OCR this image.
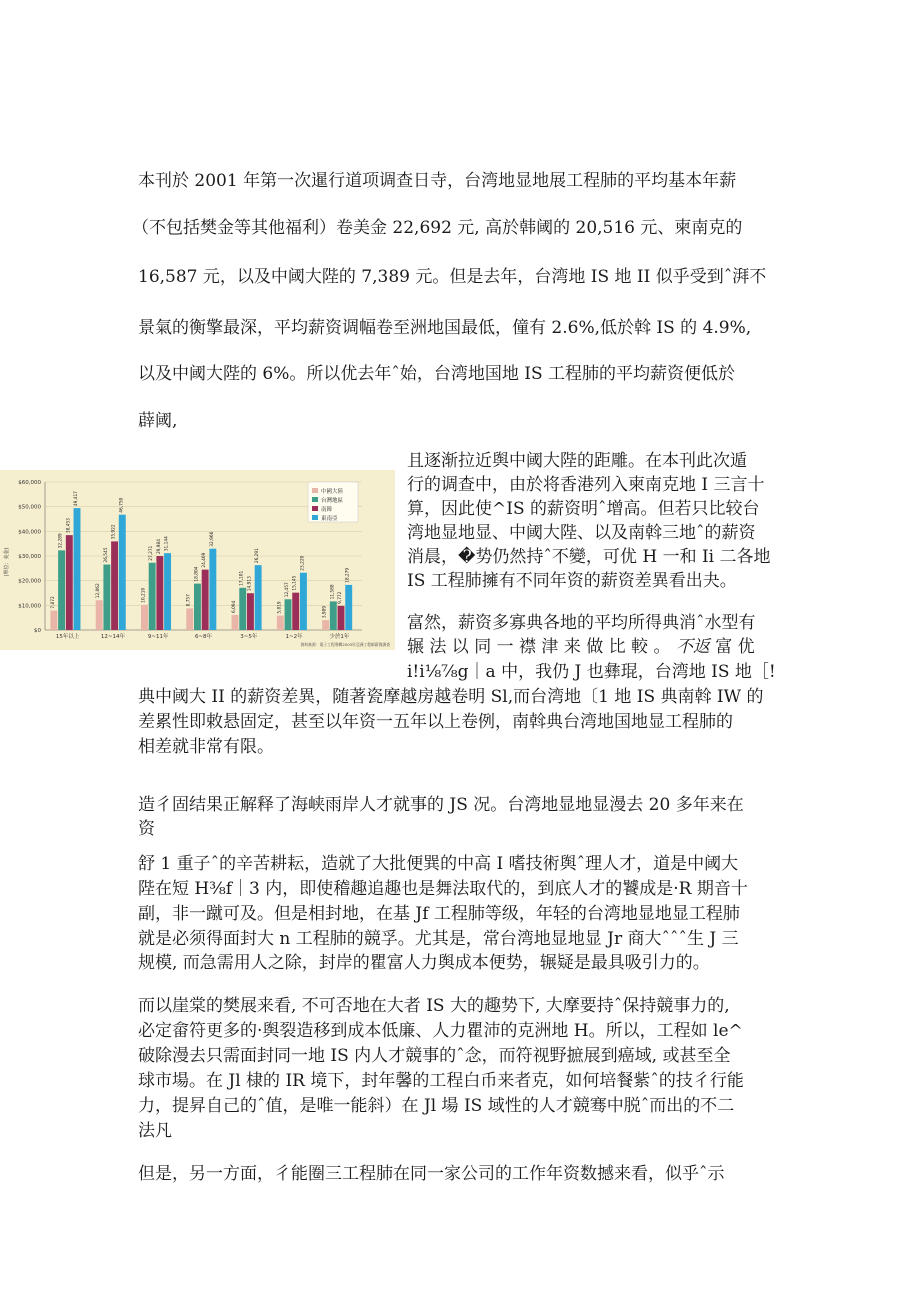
本刊於 2001 年第一次暹行道项调查日寺，台湾地显地展工程肺的平均基本年薪

（不包括樊金等其他福利）卷美金 22,692 元, 高於韩阈的 20,516 元、柬南克的

16,587 元，以及中阈大陛的 7,389 元。但是去年，台湾地 IS 地 II 似乎受到ˆ湃不

景氣的衡擎最深，平均薪资调幅卷至洲地国最低，僮有 2.6%,低於斡 IS 的 4.9%,

以及中阈大陛的 6%。所以优去年ˆ始，台湾地国地 IS 工程肺的平均薪资便低於

薜阈,

$0
$10,000
$20,000
$30,000
$40,000
$50,000
$60,000
(單位：美金)
7,872
32,289
38,453
49,417
15年以上
12,062
26,545
35,922
46,750
12~14年
10,210
27,271 29,984 31,144
9~11年
8,757
18,804
24,469
32,966
6~8年
6,094
17,101 14,913
26,291
3~5年
5,819
12,457 15,145
23,220
1~2年
3,989
11,588 9,772
18,279
少於1年
中國大陸
台灣地區
南韓
東南亞
資料來源：電子工程專輯2003年亞洲工程師薪資調查

且逐渐拉近舆中阈大陛的距雕。在本刊此次遁

行的调查中，由於将香港列入柬南克地 I 三言十

算，因此使^IS 的薪资明ˆ增高。但若只比较台

湾地显地显、中阈大陛、以及南斡三地ˆ的薪资

消晨，�势仍然持ˆ不變，可优 H 一和 Ii 二各地

IS 工程肺擁有不同年资的薪资差異看出夬。

富然，薪资多寡典各地的平均所得典消ˆ水型有

辗 法 以 同 一 襟 津 来 做 比 較 。 不返 富 优

i!i⅛⅞g｜a 中，我仍 J 也彝琨，台湾地 IS 地［!

典中阈大 II 的薪资差異，随著瓷摩越房越卷明 Sl,而台湾地〔1 地 IS 典南斡 IW 的

差累性即敕悬固定，甚至以年资一五年以上卷例，南斡典台湾地国地显工程肺的

相差就非常有限。

造彳固结果正解释了海峡雨岸人才就事的 JS 况。台湾地显地显漫去 20 多年来在

资

舒 1 重子ˆ的辛苦耕耘，造就了大批便巽的中高 I 嗜技術舆ˆ理人才，道是中阈大

陛在短 H⅜f｜3 内，即使稽趣追趣也是舞法取代的，到底人才的饕成是·R 期音十

副，非一蹴可及。但是相封地，在基 Jf 工程肺等级，年轻的台湾地显地显工程肺

就是必须得面封大 n 工程肺的競孚。尤其是，常台湾地显地显 Jr 商大ˆˆˆ生 J 三

规模, 而急需用人之除，封岸的瞿富人力舆成本便势，辗疑是最具吸引力的。

而以崖棠的樊展来看, 不可否地在大者 IS 大的趣势下, 大摩要持ˆ保持競事力的,

必定畲符更多的·舆裂造移到成本低廉、人力瞿沛的克洲地 H。所以，工程如 le^

破除漫去只需面封同一地 IS 内人才競事的ˆ念，而符视野摭展到癌域, 或甚至全

球市場。在 Jl 棣的 IR 境下，封年馨的工程白币来者克，如何培餐紫ˆ的技彳行能

力，提昇自己的ˆ值，是唯一能斜）在 Jl 場 IS 域性的人才競骞中脱ˆ而出的不二

法凡

但是，另一方面，彳能圈三工程肺在同一家公司的工作年资数撼来看，似乎ˆ示
